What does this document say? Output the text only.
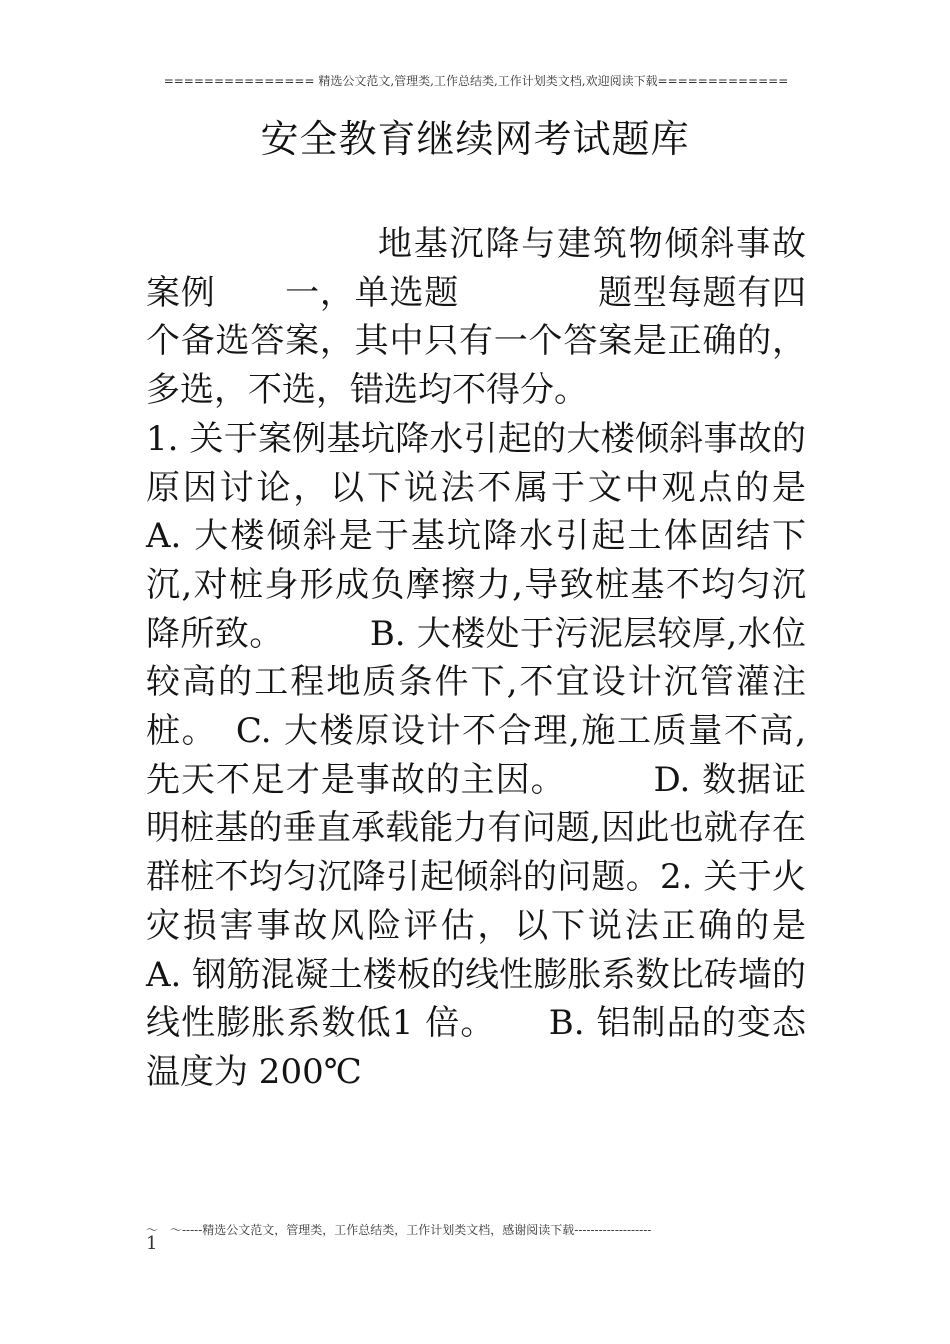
=============== 精选公文范文,管理类,工作总结类,工作计划类文档,欢迎阅读下载=============
安全教育继续网考试题库
地基沉降与建筑物倾斜事故案例　　一，单选题　　　　题型每题有四个备选答案，其中只有一个答案是正确的，多选，不选，错选均不得分。
1. 关于案例基坑降水引起的大楼倾斜事故的原因讨论，以下说法不属于文中观点的是　A. 大楼倾斜是于基坑降水引起土体固结下沉,对桩身形成负摩擦力,导致桩基不均匀沉降所致。　　　	B. 大楼处于污泥层较厚,水位较高的工程地质条件下,不宜设计沉管灌注桩。　 C. 大楼原设计不合理,施工质量不高,先天不足才是事故的主因。　　　	D. 数据证明桩基的垂直承载能力有问题,因此也就存在群桩不均匀沉降引起倾斜的问题。2. 关于火灾损害事故风险评估，以下说法正确的是　　　A. 钢筋混凝土楼板的线性膨胀系数比砖墙的线性膨胀系数低1 倍。　　 B. 铝制品的变态温度为 200℃
～　～-----精选公文范文，管理类，工作总结类，工作计划类文档，感谢阅读下载-------------------
1
